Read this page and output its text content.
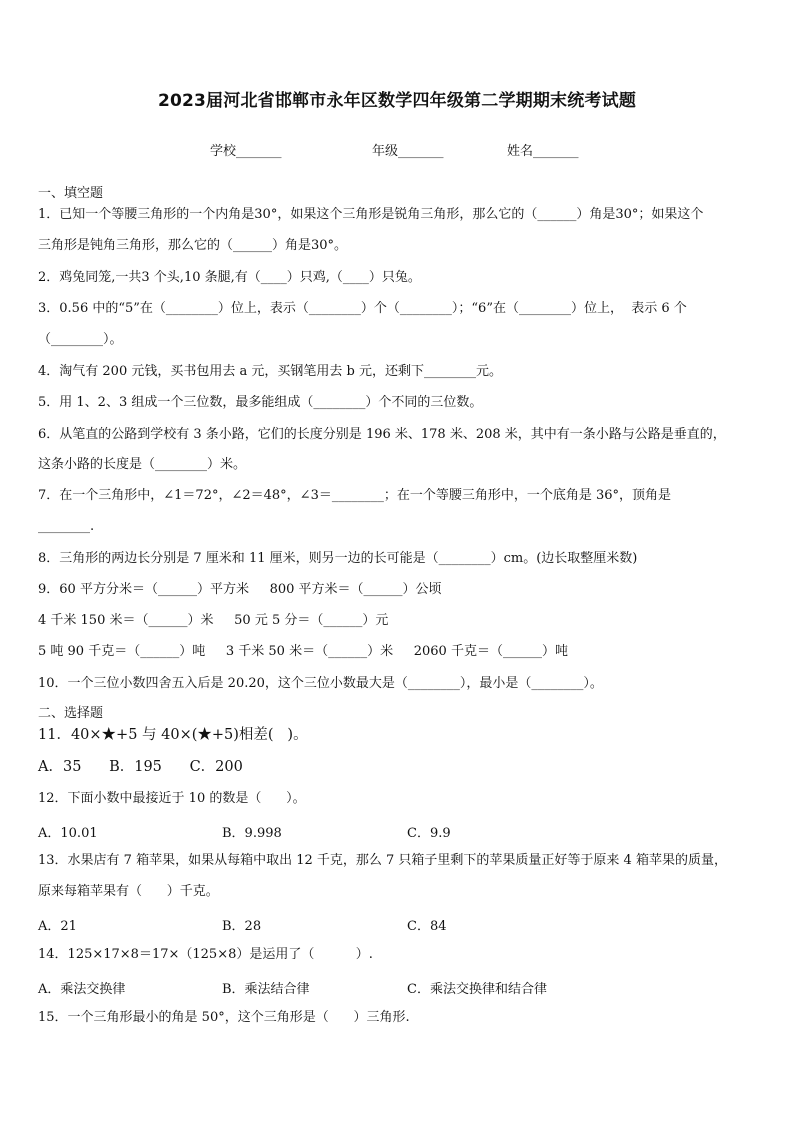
2023届河北省邯郸市永年区数学四年级第二学期期末统考试题
学校_______	年级_______	姓名_______
一、填空题
1．已知一个等腰三角形的一个内角是30°，如果这个三角形是锐角三角形，那么它的（______）角是30°；如果这个
三角形是钝角三角形，那么它的（______）角是30°。
2．鸡兔同笼,一共3 个头,10 条腿,有（____）只鸡,（____）只兔。
3．0.56 中的“5”在（________）位上，表示（________）个（________）；“6”在（________）位上，  表示 6 个
（________）。
4．淘气有 200 元钱，买书包用去 a 元，买钢笔用去 b 元，还剩下________元。
5．用 1、2、3 组成一个三位数，最多能组成（________）个不同的三位数。
6．从笔直的公路到学校有 3 条小路，它们的长度分别是 196 米、178 米、208 米，其中有一条小路与公路是垂直的，
这条小路的长度是（________）米。
7．在一个三角形中，∠1＝72°，∠2＝48°，∠3＝________；在一个等腰三角形中，一个底角是 36°，顶角是
________.
8．三角形的两边长分别是 7 厘米和 11 厘米，则另一边的长可能是（________）cm。(边长取整厘米数)
9．60 平方分米＝（______）平方米     800 平方米＝（______）公顷
4 千米 150 米＝（______）米     50 元 5 分＝（______）元
5 吨 90 千克＝（______）吨     3 千米 50 米＝（______）米     2060 千克＝（______）吨
10．一个三位小数四舍五入后是 20.20，这个三位小数最大是（________），最小是（________）。
二、选择题
11．40×★+5 与 40×(★+5)相差(   )。
A．35      B．195      C．200
12．下面小数中最接近于 10 的数是（      ）。
A．10.01	B．9.998	C．9.9
13．水果店有 7 箱苹果，如果从每箱中取出 12 千克，那么 7 只箱子里剩下的苹果质量正好等于原来 4 箱苹果的质量，
原来每箱苹果有（      ）千克。
A．21	B．28	C．84
14．125×17×8＝17×（125×8）是运用了（          ）.
A．乘法交换律	B．乘法结合律	C．乘法交换律和结合律
15．一个三角形最小的角是 50°，这个三角形是（      ）三角形.
